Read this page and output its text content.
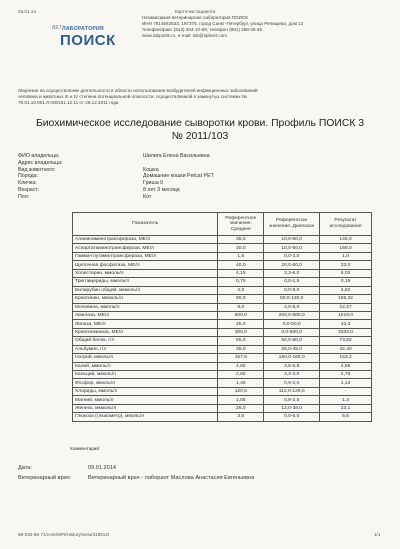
03.01.14	Карточка пациента
ВЕТ ЛАБОРАТОРИЯ
ПОИСК
Независимая ветеринарная лаборатория ПОИСК
ИНН 7814563533, 197375, город Санкт-Петербург, улица Репищева, дом 13
телефон/факс (812) 304-10-69, телефон (981) 388-38-45
www.labpoisk.ru, e-mail: lab@spbvet.com
Лицензия на осуществление деятельности в области использования возбудителей инфекционных заболеваний
человека и животных III и IV степени потенциальной опасности, осуществляемой в замкнутых системах №
78.01.10.001.Л.000181.12.11 от 28.12.2011 года
Биохимическое исследование сыворотки крови. Профиль ПОИСК 3 № 2011/103
ФИО владельца:	Шилига Елена Васильевна
Адрес владельца:
Вид животного:	Кошка
Порода:	Домашние кошки Petcat PET
Кличка:	Гриша 0
Возраст:	8 лет 3 месяца
Пол:	Кот
Показатель	Референтное значение. Среднее	Референтное значение. Диапазон	Результат исследования
Аланинаминотрансфераза, МЕ/л	35,0	10,0-60,0	145,0
Аспартатаминотрансфераза, МЕ/л	30,0	10,0-50,0	168,0
Гамма-глутамилтрансфераза, МЕ/л	1,5	0,0-3,0	1,0
Щелочная фосфатаза, МЕ/л	40,0	20,0-60,0	33,0
Холестерин, ммоль/л	4,15	2,3-6,0	5,02
Триглицериды, ммоль/л	0,75	0,0-1,5	0,19
Билирубин общий, мкмоль/л	4,0	0,0-8,0	4,82
Креатинин, мкмоль/л	90,0	50,0-130,0	165,32
Мочевина, ммоль/л	8,0	4,0-8,0	22,27
Амилаза, МЕ/л	500,0	200,0-800,0	1519,0
Липаза, МЕ/л	25,0	0,0-50,0	43,3
Креатинкиназа, МЕ/л	300,0	0,0-600,0	3333,0
Общий белок, г/л	65,0	50,0-80,0	73,82
Альбумин, г/л	35,0	25,0-45,0	42,40
Натрий, ммоль/л	157,5	150,0-165,0	153,2
Калий, ммоль/л	4,65	3,5-5,8	4,85
Кальций, ммоль/л	2,65	2,3-3,0	2,76
Фосфор, ммоль/л	1,45	0,9-2,0	1,13
Хлориды, ммоль/л	120,5	112,0-129,0	-
Магний, ммоль/л	1,05	0,8-2,5	1,3
Железо, мкмоль/л	25,0	12,0-38,0	23,1
Глюкоза (глюкометр), ммоль/л	3,0	0,0-6,0	5,5
Комментарий:
Дата:	09.01.2014
Ветеринарный врач:	Ветеринарный врач - лаборант Маслова Анастасия Евгеньевна
88-233-86-71/core/MPI/History/view/318512/	1/1
